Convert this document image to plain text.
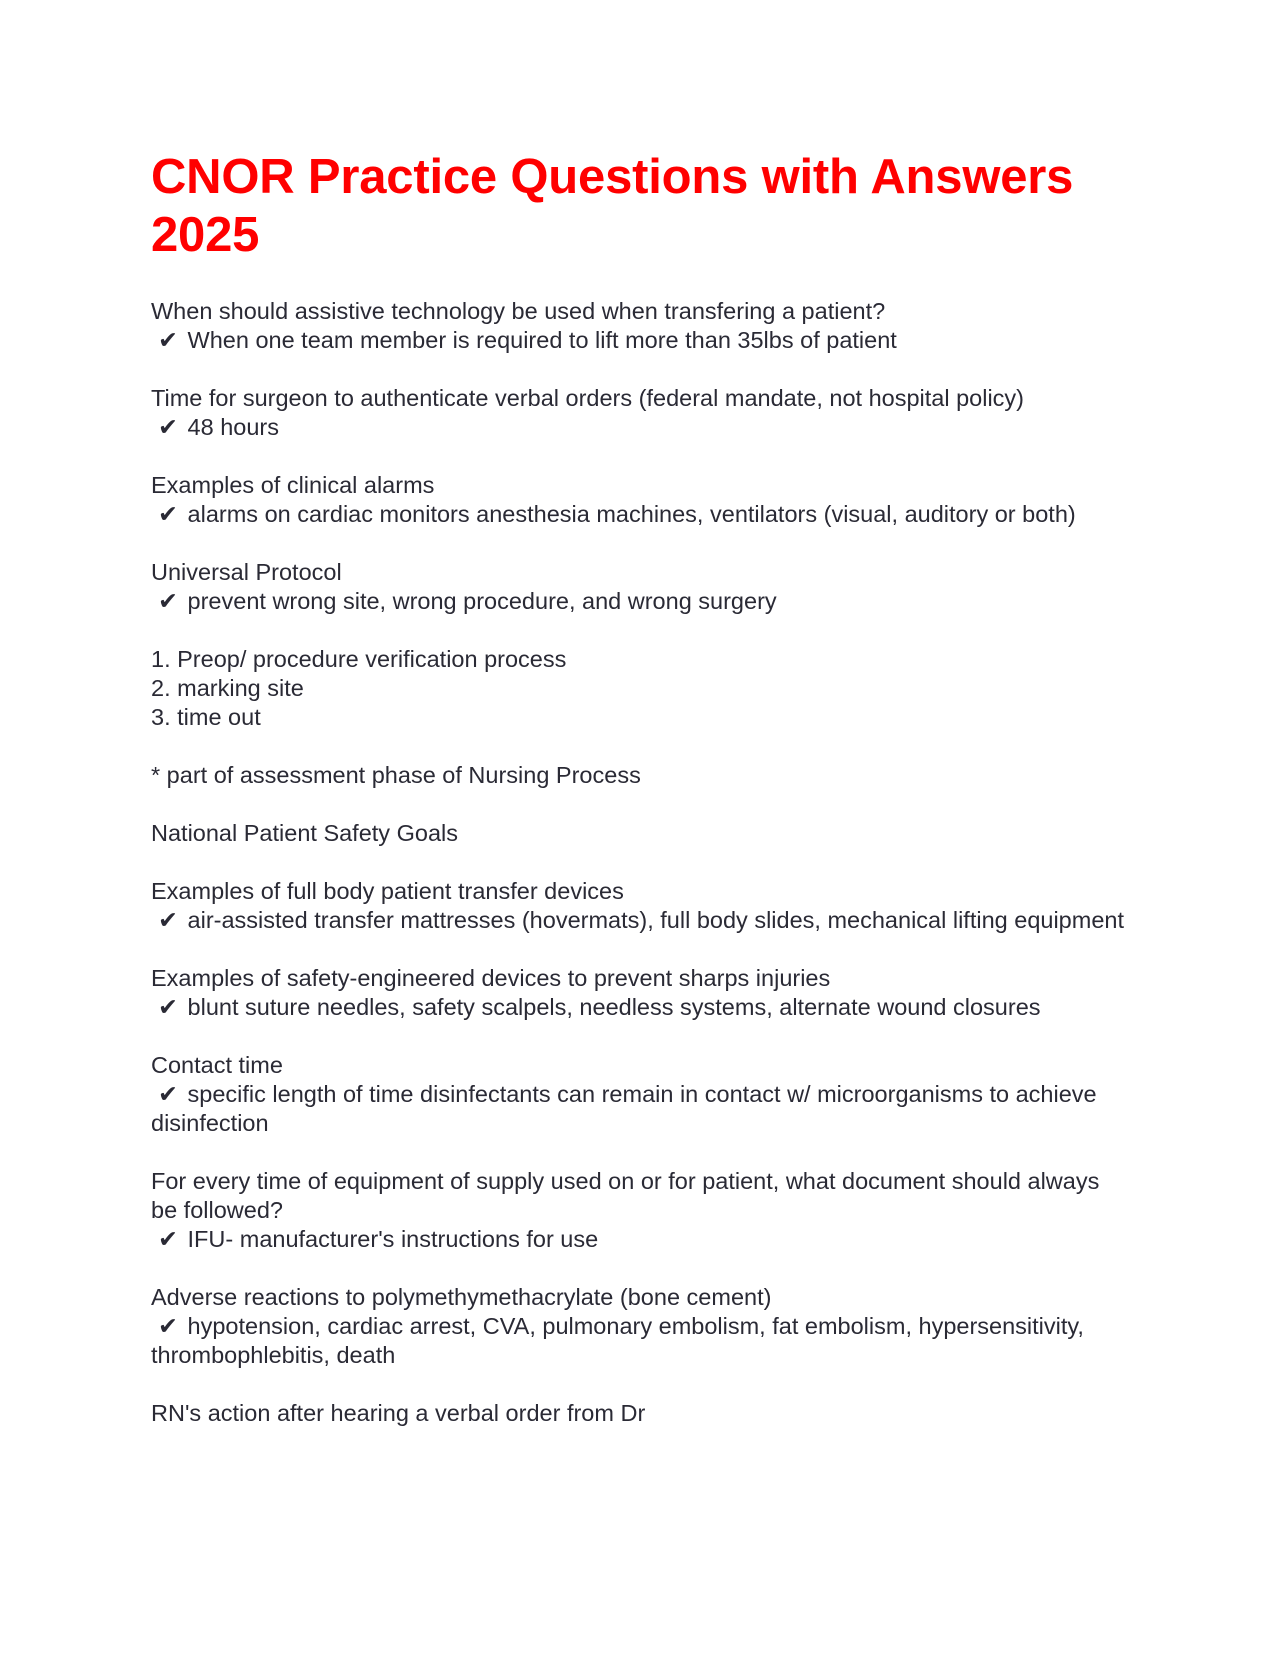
CNOR Practice Questions with Answers 2025
When should assistive technology be used when transfering a patient?
✔ When one team member is required to lift more than 35lbs of patient
Time for surgeon to authenticate verbal orders (federal mandate, not hospital policy)
✔ 48 hours
Examples of clinical alarms
✔ alarms on cardiac monitors anesthesia machines, ventilators (visual, auditory or both)
Universal Protocol
✔ prevent wrong site, wrong procedure, and wrong surgery
1. Preop/ procedure verification process
2. marking site
3. time out
* part of assessment phase of Nursing Process
National Patient Safety Goals
Examples of full body patient transfer devices
✔ air-assisted transfer mattresses (hovermats), full body slides, mechanical lifting equipment
Examples of safety-engineered devices to prevent sharps injuries
✔ blunt suture needles, safety scalpels, needless systems, alternate wound closures
Contact time
✔ specific length of time disinfectants can remain in contact w/ microorganisms to achieve disinfection
For every time of equipment of supply used on or for patient, what document should always be followed?
✔ IFU- manufacturer's instructions for use
Adverse reactions to polymethymethacrylate (bone cement)
✔ hypotension, cardiac arrest, CVA, pulmonary embolism, fat embolism, hypersensitivity, thrombophlebitis, death
RN's action after hearing a verbal order from Dr
